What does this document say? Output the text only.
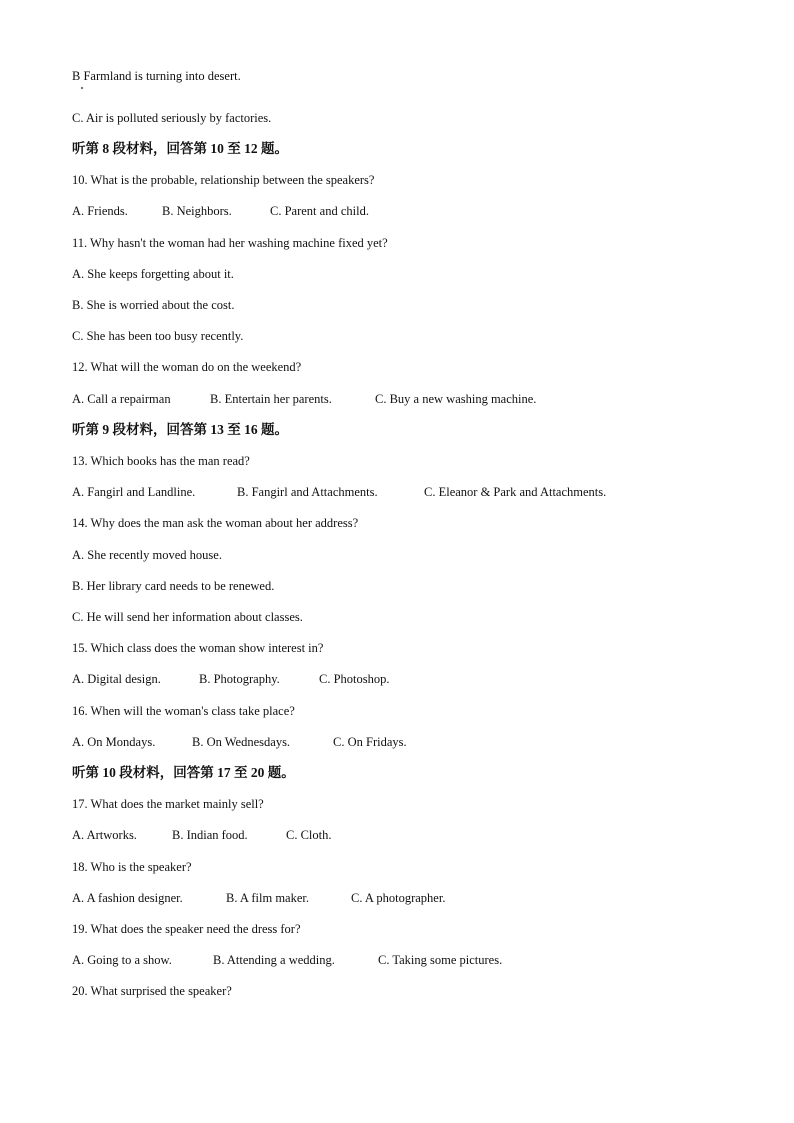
B Farmland is turning into desert.
C. Air is polluted seriously by factories.
听第 8 段材料，回答第 10 至 12 题。
10. What is the probable, relationship between the speakers?
A. Friends.	B. Neighbors.	C. Parent and child.
11. Why hasn't the woman had her washing machine fixed yet?
A. She keeps forgetting about it.
B. She is worried about the cost.
C. She has been too busy recently.
12. What will the woman do on the weekend?
A. Call a repairman	B. Entertain her parents.	C. Buy a new washing machine.
听第 9 段材料，回答第 13 至 16 题。
13. Which books has the man read?
A. Fangirl and Landline.	B. Fangirl and Attachments.	C. Eleanor & Park and Attachments.
14. Why does the man ask the woman about her address?
A. She recently moved house.
B. Her library card needs to be renewed.
C. He will send her information about classes.
15. Which class does the woman show interest in?
A. Digital design.	B. Photography.	C. Photoshop.
16. When will the woman's class take place?
A. On Mondays.	B. On Wednesdays.	C. On Fridays.
听第 10 段材料，回答第 17 至 20 题。
17. What does the market mainly sell?
A. Artworks.	B. Indian food.	C. Cloth.
18. Who is the speaker?
A. A fashion designer.	B. A film maker.	C. A photographer.
19. What does the speaker need the dress for?
A. Going to a show.	B. Attending a wedding.	C. Taking some pictures.
20. What surprised the speaker?
